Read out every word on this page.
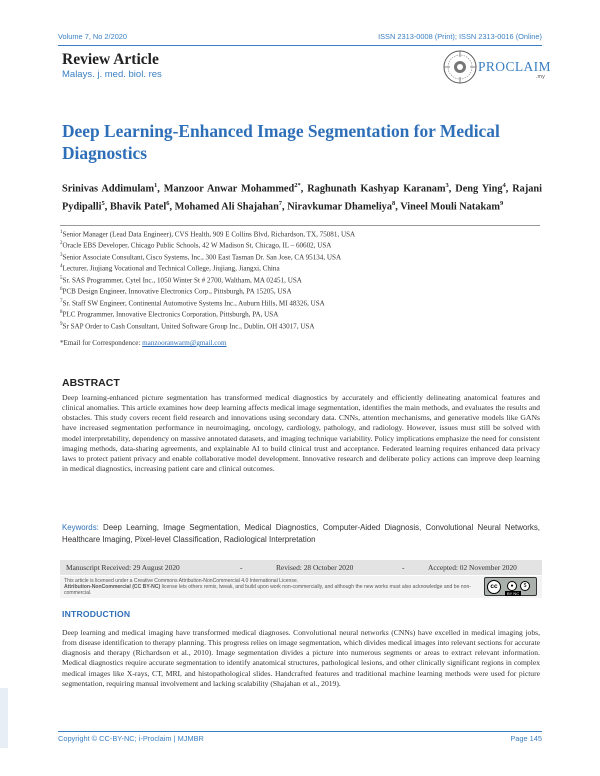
Volume 7, No 2/2020	ISSN 2313-0008 (Print); ISSN 2313-0016 (Online)
Review Article
Malays. j. med. biol. res
PROCLAIM
.my
Deep Learning-Enhanced Image Segmentation for Medical Diagnostics
Srinivas Addimulam$^1$, Manzoor Anwar Mohammed$^{2*}$, Raghunath Kashyap Karanam$^3$, Deng Ying$^4$, Rajani Pydipalli$^5$, Bhavik Patel$^6$, Mohamed Ali Shajahan$^7$, Niravkumar Dhameliya$^8$, Vineel Mouli Natakam$^9$
$^1$Senior Manager (Lead Data Engineer), CVS Health, 909 E Collins Blvd, Richardson, TX, 75081, USA
$^2$Oracle EBS Developer, Chicago Public Schools, 42 W Madison St, Chicago, IL – 60602, USA
$^3$Senior Associate Consultant, Cisco Systems, Inc., 300 East Tasman Dr. San Jose, CA 95134, USA
$^4$Lecturer, Jiujiang Vocational and Technical College, Jiujiang, Jiangxi, China
$^5$Sr. SAS Programmer, Cytel Inc., 1050 Winter St # 2700, Waltham, MA 02451, USA
$^6$PCB Design Engineer, Innovative Electronics Corp., Pittsburgh, PA 15205, USA
$^7$Sr. Staff SW Engineer, Continental Automotive Systems Inc., Auburn Hills, MI 48326, USA
$^8$PLC Programmer, Innovative Electronics Corporation, Pittsburgh, PA, USA
$^9$Sr SAP Order to Cash Consultant, United Software Group Inc., Dublin, OH 43017, USA
*Email for Correspondence: manzooranwarm@gmail.com
ABSTRACT
Deep learning-enhanced picture segmentation has transformed medical diagnostics by accurately and efficiently delineating anatomical features and clinical anomalies. This article examines how deep learning affects medical image segmentation, identifies the main methods, and evaluates the results and obstacles. This study covers recent field research and innovations using secondary data. CNNs, attention mechanisms, and generative models like GANs have increased segmentation performance in neuroimaging, oncology, cardiology, pathology, and radiology. However, issues must still be solved with model interpretability, dependency on massive annotated datasets, and imaging technique variability. Policy implications emphasize the need for consistent imaging methods, data-sharing agreements, and explainable AI to build clinical trust and acceptance. Federated learning requires enhanced data privacy laws to protect patient privacy and enable collaborative model development. Innovative research and deliberate policy actions can improve deep learning in medical diagnostics, increasing patient care and clinical outcomes.
Keywords: Deep Learning, Image Segmentation, Medical Diagnostics, Computer-Aided Diagnosis, Convolutional Neural Networks, Healthcare Imaging, Pixel-level Classification, Radiological Interpretation
Manuscript Received: 29 August 2020	-	Revised: 28 October 2020	-	Accepted: 02 November 2020
This article is licensed under a Creative Commons Attribution-NonCommercial 4.0 International License.
Attribution-NonCommercial (CC BY-NC) license lets others remix, tweak, and build upon work non-commercially, and although the new works must also acknowledge and be non-commercial.
cc	●	$
BY NC
INTRODUCTION
Deep learning and medical imaging have transformed medical diagnoses. Convolutional neural networks (CNNs) have excelled in medical imaging jobs, from disease identification to therapy planning. This progress relies on image segmentation, which divides medical images into relevant sections for accurate diagnosis and therapy (Richardson et al., 2010). Image segmentation divides a picture into numerous segments or areas to extract relevant information. Medical diagnostics require accurate segmentation to identify anatomical structures, pathological lesions, and other clinically significant regions in complex medical images like X-rays, CT, MRI, and histopathological slides. Handcrafted features and traditional machine learning methods were used for picture segmentation, requiring manual involvement and lacking scalability (Shajahan et al., 2019).
Copyright © CC-BY-NC; i-Proclaim | MJMBR	Page 145
